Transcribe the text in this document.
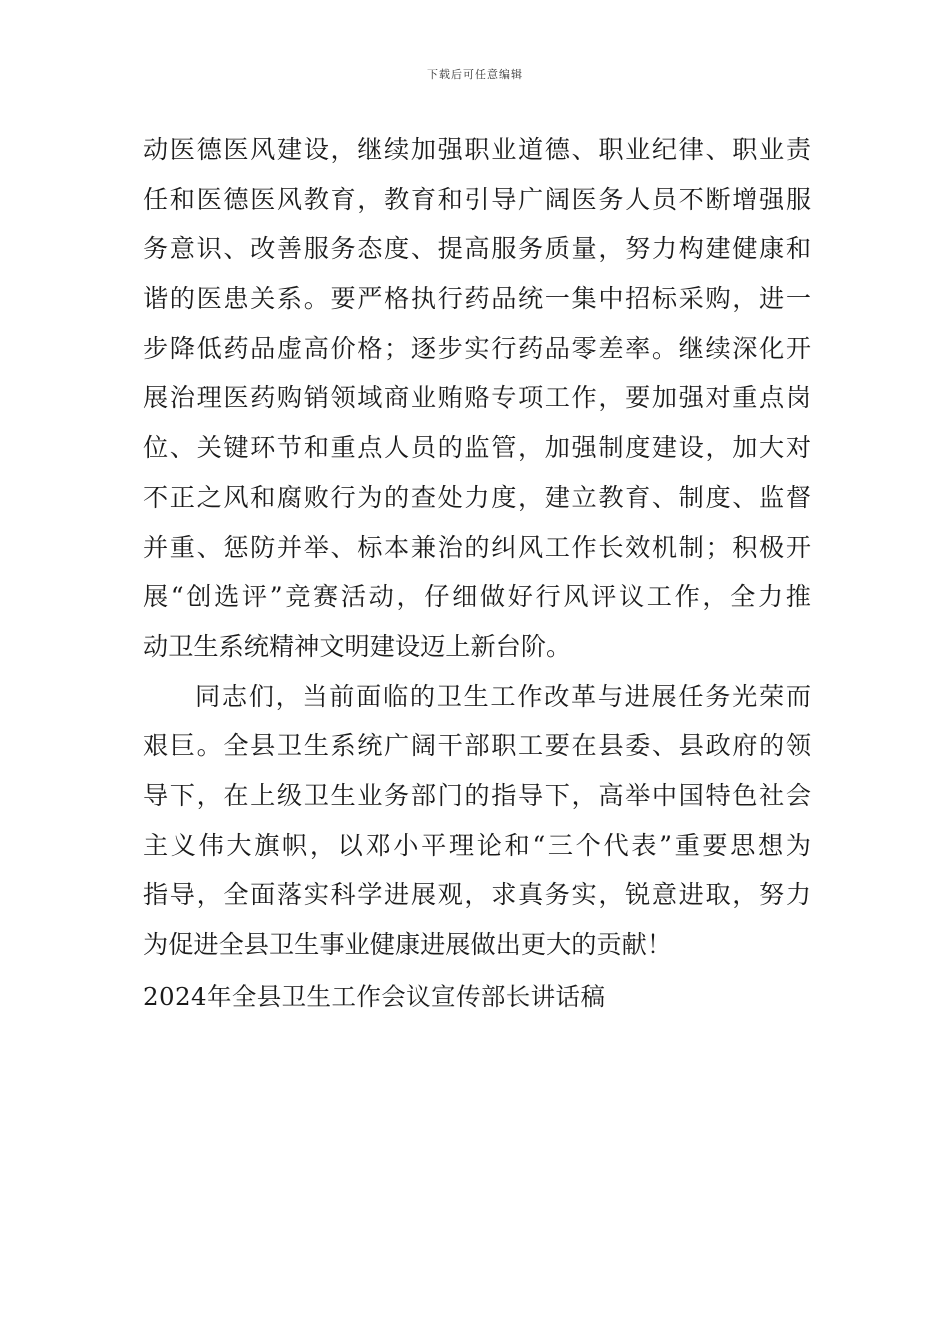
下载后可任意编辑
动医德医风建设，继续加强职业道德、职业纪律、职业责
任和医德医风教育，教育和引导广阔医务人员不断增强服
务意识、改善服务态度、提高服务质量，努力构建健康和
谐的医患关系。要严格执行药品统一集中招标采购，进一
步降低药品虚高价格；逐步实行药品零差率。继续深化开
展治理医药购销领域商业贿赂专项工作，要加强对重点岗
位、关键环节和重点人员的监管，加强制度建设，加大对
不正之风和腐败行为的查处力度，建立教育、制度、监督
并重、惩防并举、标本兼治的纠风工作长效机制；积极开
展“创选评”竞赛活动，仔细做好行风评议工作，全力推
动卫生系统精神文明建设迈上新台阶。
同志们，当前面临的卫生工作改革与进展任务光荣而
艰巨。全县卫生系统广阔干部职工要在县委、县政府的领
导下，在上级卫生业务部门的指导下，高举中国特色社会
主义伟大旗帜，以邓小平理论和“三个代表”重要思想为
指导，全面落实科学进展观，求真务实，锐意进取，努力
为促进全县卫生事业健康进展做出更大的贡献！
2024年全县卫生工作会议宣传部长讲话稿
